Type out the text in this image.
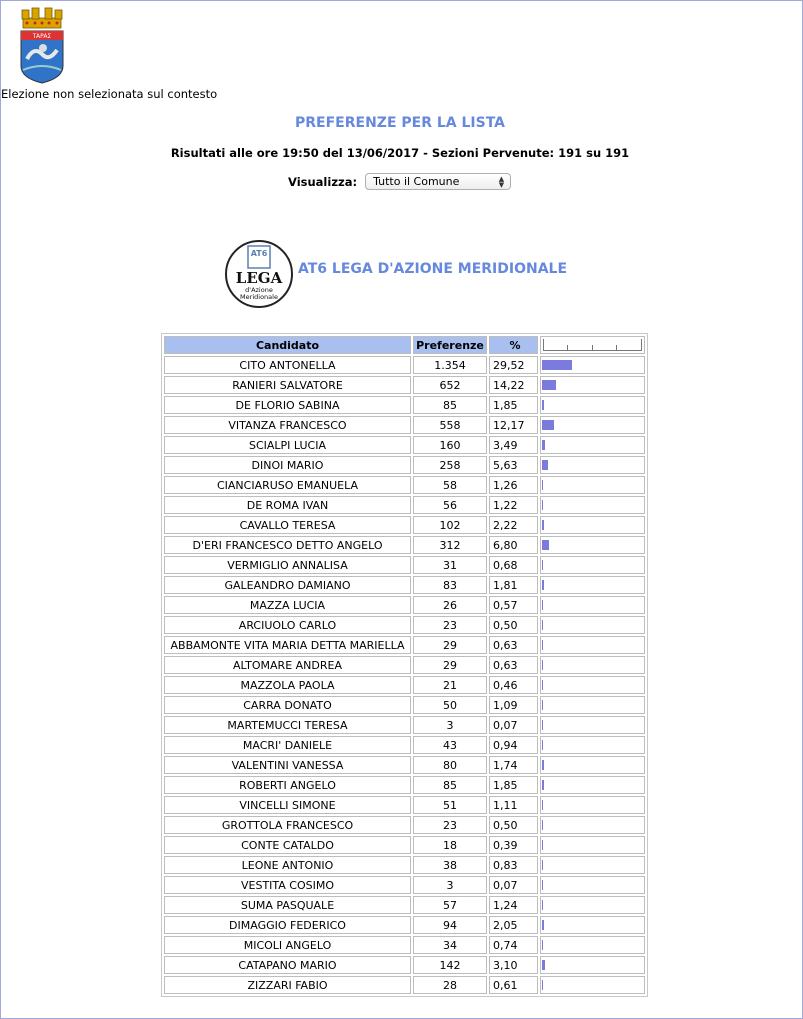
TAPAΣ
Elezione non selezionata sul contesto
PREFERENZE PER LA LISTA
Risultati alle ore 19:50 del 13/06/2017 - Sezioni Pervenute: 191 su 191
Visualizza: Tutto il Comune	▲
▼
AT6
LEGA
d'Azione
Meridionale
AT6 LEGA D'AZIONE MERIDIONALE
Candidato	Preferenze	%	

CITO ANTONELLA	1.354	29,52	

RANIERI SALVATORE	652	14,22	

DE FLORIO SABINA	85	1,85	

VITANZA FRANCESCO	558	12,17	

SCIALPI LUCIA	160	3,49	

DINOI MARIO	258	5,63	

CIANCIARUSO EMANUELA	58	1,26	

DE ROMA IVAN	56	1,22	

CAVALLO TERESA	102	2,22	

D'ERI FRANCESCO DETTO ANGELO	312	6,80	

VERMIGLIO ANNALISA	31	0,68	

GALEANDRO DAMIANO	83	1,81	

MAZZA LUCIA	26	0,57	

ARCIUOLO CARLO	23	0,50	

ABBAMONTE VITA MARIA DETTA MARIELLA	29	0,63	

ALTOMARE ANDREA	29	0,63	

MAZZOLA PAOLA	21	0,46	

CARRA DONATO	50	1,09	

MARTEMUCCI TERESA	3	0,07	

MACRI' DANIELE	43	0,94	

VALENTINI VANESSA	80	1,74	

ROBERTI ANGELO	85	1,85	

VINCELLI SIMONE	51	1,11	

GROTTOLA FRANCESCO	23	0,50	

CONTE CATALDO	18	0,39	

LEONE ANTONIO	38	0,83	

VESTITA COSIMO	3	0,07	

SUMA PASQUALE	57	1,24	

DIMAGGIO FEDERICO	94	2,05	

MICOLI ANGELO	34	0,74	

CATAPANO MARIO	142	3,10	

ZIZZARI FABIO	28	0,61	
